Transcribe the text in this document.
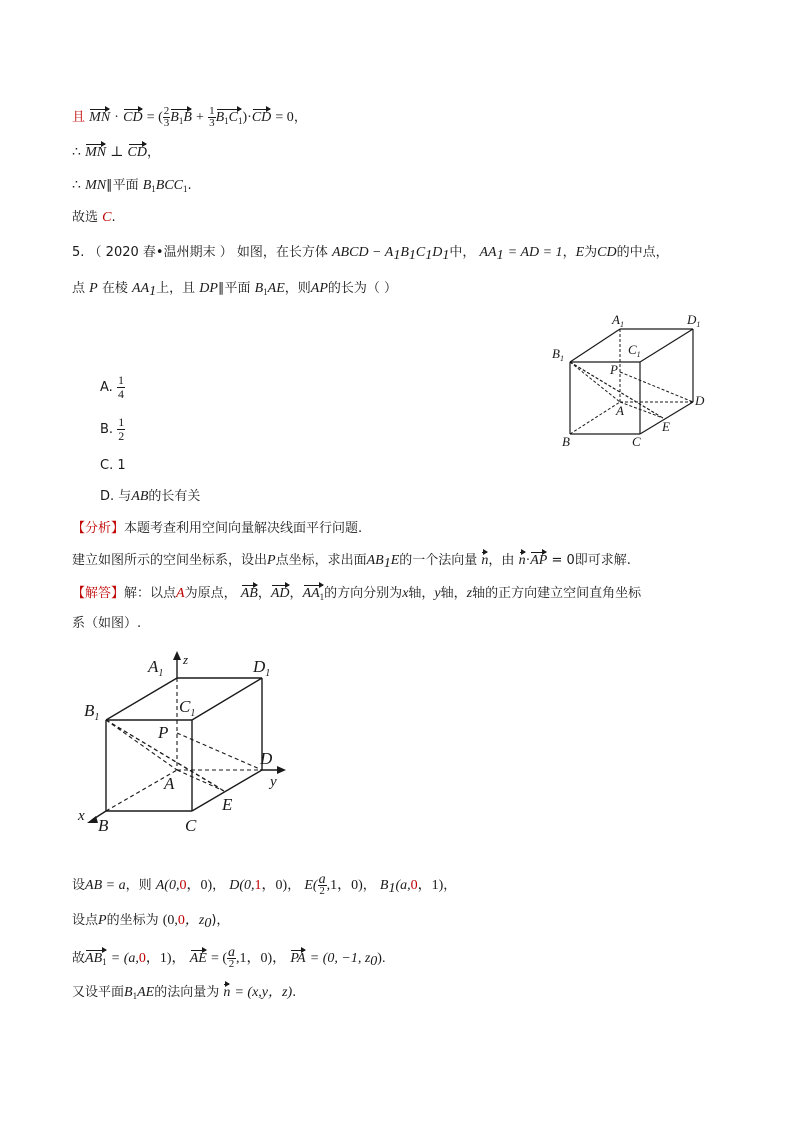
且 MN · CD = ( $\frac{2}{3} B_1B + \frac{1}{3} B_1C_1)\cdot CD = 0$，
∴ MN ⊥ CD，
∴ MN∥平面 $B_1BCC_1$.
故选 C.
5. （ 2020 春•温州期末 ） 如图，在长方体 ABCD − $A_1B_1C_1D_1$中， $AA_1$ = AD = 1，E为CD的中点，
点 P 在棱 $AA_1$上，且 DP∥平面 $B_1AE$，则AP的长为（ ）
$A_1$	$D_1$
$B_1$
$C_1$
P
A
D
E
B	C
A. $\frac{1}{4}$
B. $\frac{1}{2}$
C. 1
D. 与AB的长有关
【分析】本题考查利用空间向量解决线面平行问题.
建立如图所示的空间坐标系，设出P点坐标，求出面$AB_1E$的一个法向量 n，由 n·AP = 0即可求解.
【解答】解：以点A为原点， AB，AD，$AA_1$的方向分别为x轴，y轴，z轴的正方向建立空间直角坐标
系（如图）.
$A_1$
z	$D_1$
$B_1$
$C_1$
P
A
D
y
E
x B	C
设AB = a，则 A(0,0，0)， D(0,1，0)， $E( \frac{a}{2} ,1$，0)， $B_1(a,0$，1)，
设点P的坐标为 (0,0，$z_0$)，
故$AB_1 = (a,0$，1)， AE = ( $\frac{a}{2} ,1$，0)， PA = (0, −1, $z_0$).
又设平面$B_1AE$的法向量为 n = (x,y，z).
